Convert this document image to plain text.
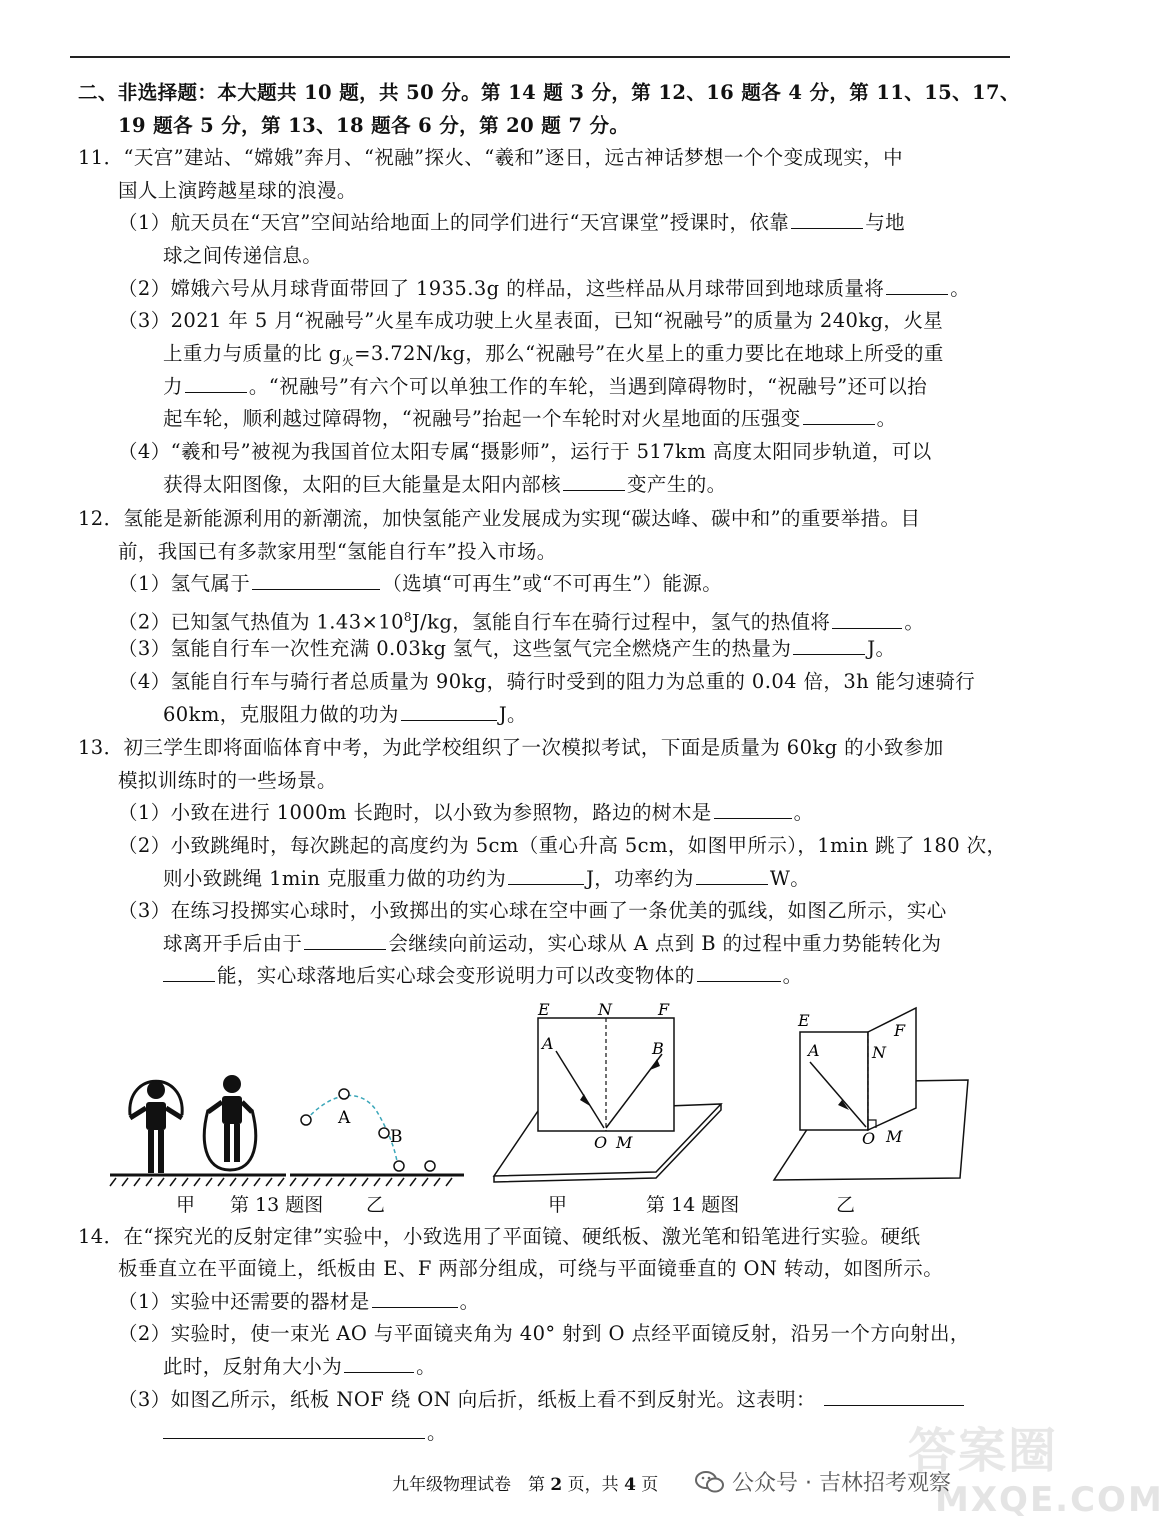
二、非选择题：本大题共 10 题，共 50 分。第 14 题 3 分，第 12、16 题各 4 分，第 11、15、17、
19 题各 5 分，第 13、18 题各 6 分，第 20 题 7 分。
11．“天宫”建站、“嫦娥”奔月、“祝融”探火、“羲和”逐日，远古神话梦想一个个变成现实，中
国人上演跨越星球的浪漫。
（1）航天员在“天宫”空间站给地面上的同学们进行“天宫课堂”授课时，依靠	与地
球之间传递信息。
（2）嫦娥六号从月球背面带回了 1935.3g 的样品，这些样品从月球带回到地球质量将	。
（3）2021 年 5 月“祝融号”火星车成功驶上火星表面，已知“祝融号”的质量为 240kg，火星
上重力与质量的比 $g_火=3.72N/kg$，那么“祝融号”在火星上的重力要比在地球上所受的重
力	。“祝融号”有六个可以单独工作的车轮，当遇到障碍物时，“祝融号”还可以抬
起车轮，顺利越过障碍物，“祝融号”抬起一个车轮时对火星地面的压强变	。
（4）“羲和号”被视为我国首位太阳专属“摄影师”，运行于 517km 高度太阳同步轨道，可以
获得太阳图像，太阳的巨大能量是太阳内部核	变产生的。
12．氢能是新能源利用的新潮流，加快氢能产业发展成为实现“碳达峰、碳中和”的重要举措。目
前，我国已有多款家用型“氢能自行车”投入市场。
（1）氢气属于	（选填“可再生”或“不可再生”）能源。
（2）已知氢气热值为 $1.43\times 10^8J/kg$，氢能自行车在骑行过程中，氢气的热值将	。
（3）氢能自行车一次性充满 0.03kg 氢气，这些氢气完全燃烧产生的热量为	J。
（4）氢能自行车与骑行者总质量为 90kg，骑行时受到的阻力为总重的 0.04 倍，3h 能匀速骑行
60km，克服阻力做的功为	J。
13．初三学生即将面临体育中考，为此学校组织了一次模拟考试，下面是质量为 60kg 的小致参加
模拟训练时的一些场景。
（1）小致在进行 1000m 长跑时，以小致为参照物，路边的树木是	。
（2）小致跳绳时，每次跳起的高度约为 5cm（重心升高 5cm，如图甲所示），1min 跳了 180 次，
则小致跳绳 1min 克服重力做的功约为	J，功率约为	W。
（3）在练习投掷实心球时，小致掷出的实心球在空中画了一条优美的弧线，如图乙所示，实心
球离开手后由于	会继续向前运动，实心球从 A 点到 B 的过程中重力势能转化为
能，实心球落地后实心球会变形说明力可以改变物体的	。
A
B
E	N	F
A	B
O M
E
N
F
A
O M
甲 第 13 题图 乙	甲	第 14 题图	乙
14．在“探究光的反射定律”实验中，小致选用了平面镜、硬纸板、激光笔和铅笔进行实验。硬纸
板垂直立在平面镜上，纸板由 E、F 两部分组成，可绕与平面镜垂直的 ON 转动，如图所示。
（1）实验中还需要的器材是	。
（2）实验时，使一束光 AO 与平面镜夹角为 40° 射到 O 点经平面镜反射，沿另一个方向射出，
此时，反射角大小为	。
（3）如图乙所示，纸板 NOF 绕 ON 向后折，纸板上看不到反射光。这表明：
。
九年级物理试卷　第 2 页，共 4 页
答案圈
MXQE.COM
公众号 · 吉林招考观察
